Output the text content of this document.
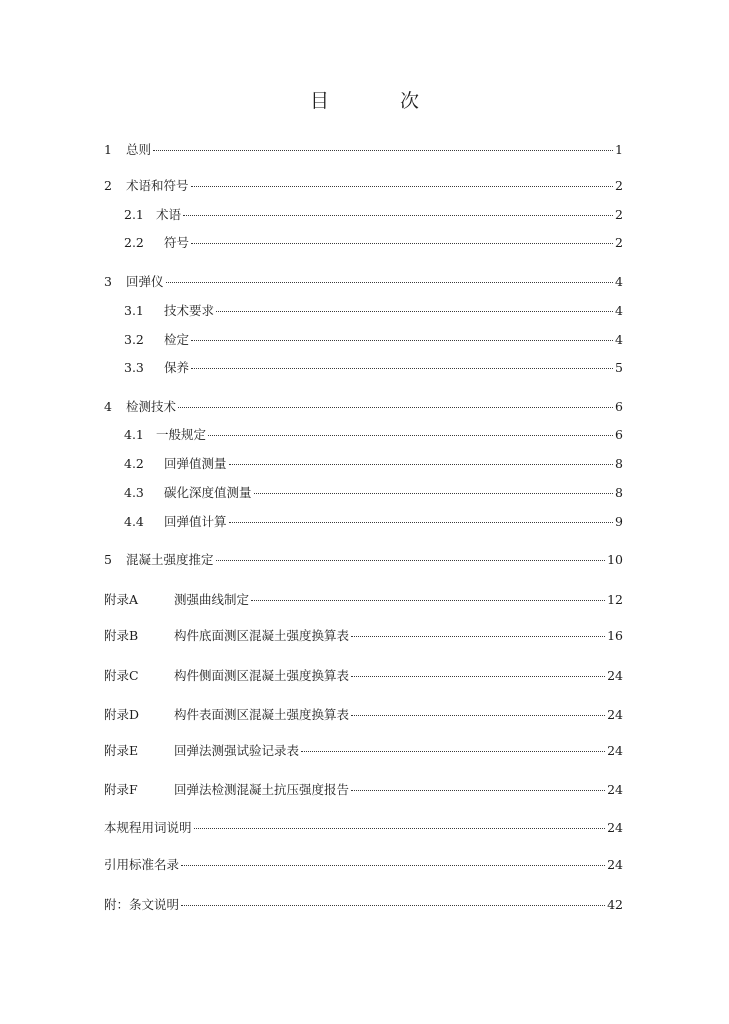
目　次
1	总则	1
2	术语和符号	2
2.1 术语	2
2.2	符号	2
3	回弹仪	4
3.1	技术要求	4
3.2	检定	4
3.3	保养	5
4	检测技术	6
4.1 一般规定	6
4.2	回弹值测量	8
4.3	碳化深度值测量	8
4.4	回弹值计算	9
5	混凝土强度推定	10
附录A	测强曲线制定	12
附录B	构件底面测区混凝土强度换算表	16
附录C	构件侧面测区混凝土强度换算表	24
附录D	构件表面测区混凝土强度换算表	24
附录E	回弹法测强试验记录表	24
附录F	回弹法检测混凝土抗压强度报告	24
本规程用词说明	24
引用标准名录	24
附：条文说明	42
